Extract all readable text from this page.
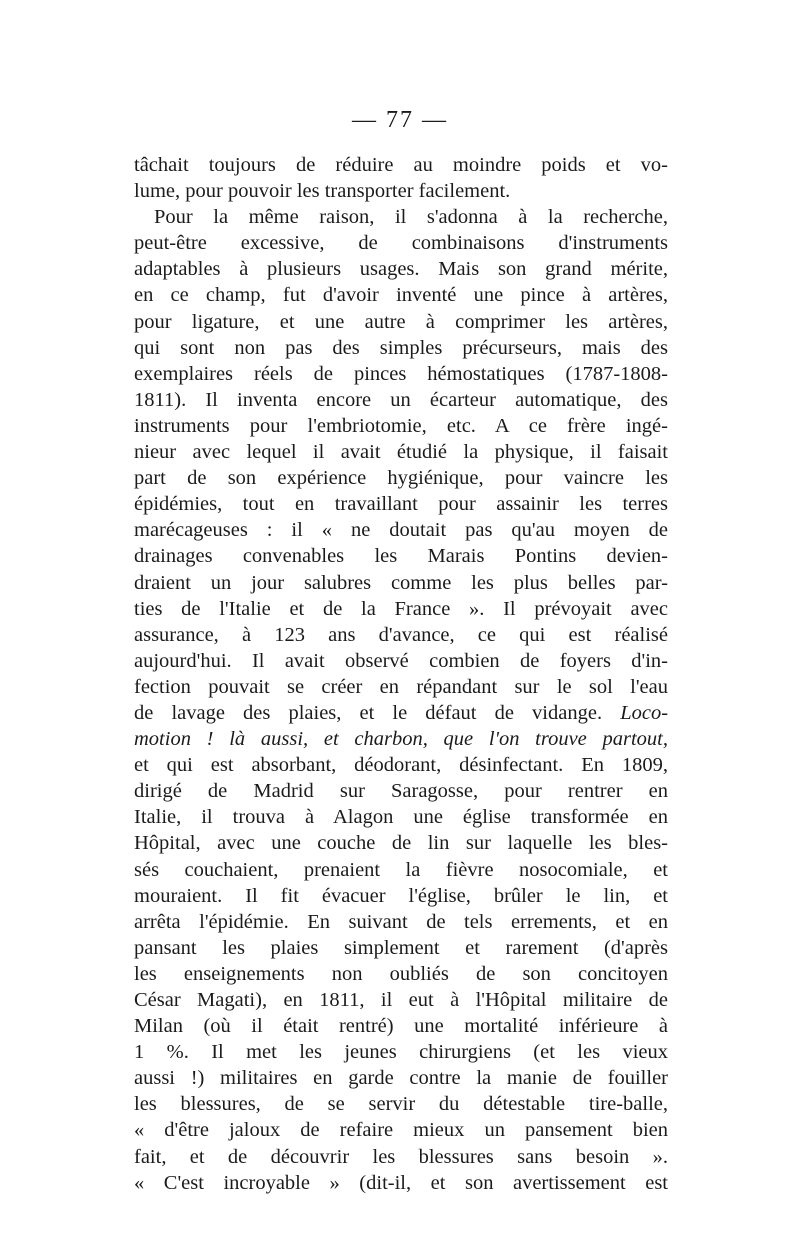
— 77 —
tâchait toujours de réduire au moindre poids et vo-
lume, pour pouvoir les transporter facilement.
Pour la même raison, il s'adonna à la recherche,
peut-être excessive, de combinaisons d'instruments
adaptables à plusieurs usages. Mais son grand mérite,
en ce champ, fut d'avoir inventé une pince à artères,
pour ligature, et une autre à comprimer les artères,
qui sont non pas des simples précurseurs, mais des
exemplaires réels de pinces hémostatiques (1787-1808-
1811). Il inventa encore un écarteur automatique, des
instruments pour l'embriotomie, etc. A ce frère ingé-
nieur avec lequel il avait étudié la physique, il faisait
part de son expérience hygiénique, pour vaincre les
épidémies, tout en travaillant pour assainir les terres
marécageuses : il « ne doutait pas qu'au moyen de
drainages convenables les Marais Pontins devien-
draient un jour salubres comme les plus belles par-
ties de l'Italie et de la France ». Il prévoyait avec
assurance, à 123 ans d'avance, ce qui est réalisé
aujourd'hui. Il avait observé combien de foyers d'in-
fection pouvait se créer en répandant sur le sol l'eau
de lavage des plaies, et le défaut de vidange. Loco-
motion ! là aussi, et charbon, que l'on trouve partout,
et qui est absorbant, déodorant, désinfectant. En 1809,
dirigé de Madrid sur Saragosse, pour rentrer en
Italie, il trouva à Alagon une église transformée en
Hôpital, avec une couche de lin sur laquelle les bles-
sés couchaient, prenaient la fièvre nosocomiale, et
mouraient. Il fit évacuer l'église, brûler le lin, et
arrêta l'épidémie. En suivant de tels errements, et en
pansant les plaies simplement et rarement (d'après
les enseignements non oubliés de son concitoyen
César Magati), en 1811, il eut à l'Hôpital militaire de
Milan (où il était rentré) une mortalité inférieure à
1 %. Il met les jeunes chirurgiens (et les vieux
aussi !) militaires en garde contre la manie de fouiller
les blessures, de se servir du détestable tire-balle,
« d'être jaloux de refaire mieux un pansement bien
fait, et de découvrir les blessures sans besoin ».
« C'est incroyable » (dit-il, et son avertissement est
